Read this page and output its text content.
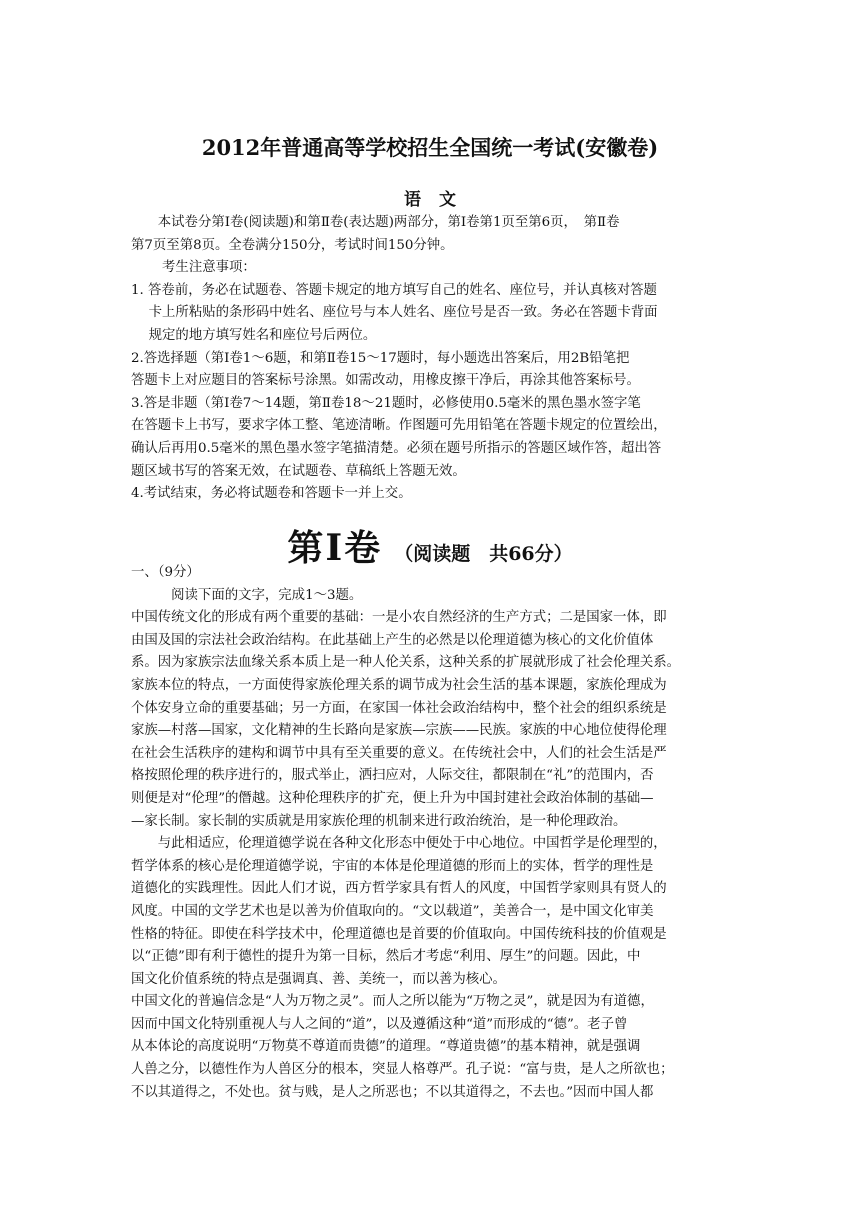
2012年普通高等学校招生全国统一考试(安徽卷)
语文
　　本试卷分第Ⅰ卷(阅读题)和第Ⅱ卷(表达题)两部分，第Ⅰ卷第1页至第6页，　第Ⅱ卷
第7页至第8页。全卷满分150分，考试时间150分钟。
　　 考生注意事项：
1. 答卷前，务必在试题卷、答题卡规定的地方填写自己的姓名、座位号，并认真核对答题
　 卡上所粘贴的条形码中姓名、座位号与本人姓名、座位号是否一致。务必在答题卡背面
　 规定的地方填写姓名和座位号后两位。
2.答选择题（第Ⅰ卷1～6题，和第Ⅱ卷15～17题时，每小题选出答案后，用2B铅笔把
答题卡上对应题目的答案标号涂黑。如需改动，用橡皮擦干净后，再涂其他答案标号。
3.答是非题（第Ⅰ卷7～14题，第Ⅱ卷18～21题时，必修使用0.5毫米的黑色墨水签字笔
在答题卡上书写，要求字体工整、笔迹清晰。作图题可先用铅笔在答题卡规定的位置绘出，
确认后再用0.5毫米的黑色墨水签字笔描清楚。必须在题号所指示的答题区域作答，超出答
题区域书写的答案无效，在试题卷、草稿纸上答题无效。
4.考试结束，务必将试题卷和答题卡一并上交。
第Ⅰ卷 （阅读题　共66分）
一、（9分）
　　　阅读下面的文字，完成1～3题。
中国传统文化的形成有两个重要的基础：一是小农自然经济的生产方式；二是国家一体，即
由国及国的宗法社会政治结构。在此基础上产生的必然是以伦理道德为核心的文化价值体
系。因为家族宗法血缘关系本质上是一种人伦关系，这种关系的扩展就形成了社会伦理关系。
家族本位的特点，一方面使得家族伦理关系的调节成为社会生活的基本课题，家族伦理成为
个体安身立命的重要基础；另一方面，在家国一体社会政治结构中，整个社会的组织系统是
家族—村落—国家，文化精神的生长路向是家族—宗族——民族。家族的中心地位使得伦理
在社会生活秩序的建构和调节中具有至关重要的意义。在传统社会中，人们的社会生活是严
格按照伦理的秩序进行的，服式举止，洒扫应对，人际交往，都限制在“礼”的范围内，否
则便是对“伦理”的僭越。这种伦理秩序的扩充，便上升为中国封建社会政治体制的基础—
—家长制。家长制的实质就是用家族伦理的机制来进行政治统治，是一种伦理政治。
　　与此相适应，伦理道德学说在各种文化形态中便处于中心地位。中国哲学是伦理型的，
哲学体系的核心是伦理道德学说，宇宙的本体是伦理道德的形而上的实体，哲学的理性是
道德化的实践理性。因此人们才说，西方哲学家具有哲人的风度，中国哲学家则具有贤人的
风度。中国的文学艺术也是以善为价值取向的。“文以载道”，美善合一，是中国文化审美
性格的特征。即使在科学技术中，伦理道德也是首要的价值取向。中国传统科技的价值观是
以“正德”即有利于德性的提升为第一目标，然后才考虑“利用、厚生”的问题。因此，中
国文化价值系统的特点是强调真、善、美统一，而以善为核心。
中国文化的普遍信念是“人为万物之灵”。而人之所以能为“万物之灵”，就是因为有道德，
因而中国文化特别重视人与人之间的“道”，以及遵循这种“道”而形成的“德”。老子曾
从本体论的高度说明“万物莫不尊道而贵德”的道理。“尊道贵德”的基本精神，就是强调
人兽之分，以德性作为人兽区分的根本，突显人格尊严。孔子说：“富与贵，是人之所欲也；
不以其道得之，不处也。贫与贱，是人之所恶也；不以其道得之，不去也。”因而中国人都
